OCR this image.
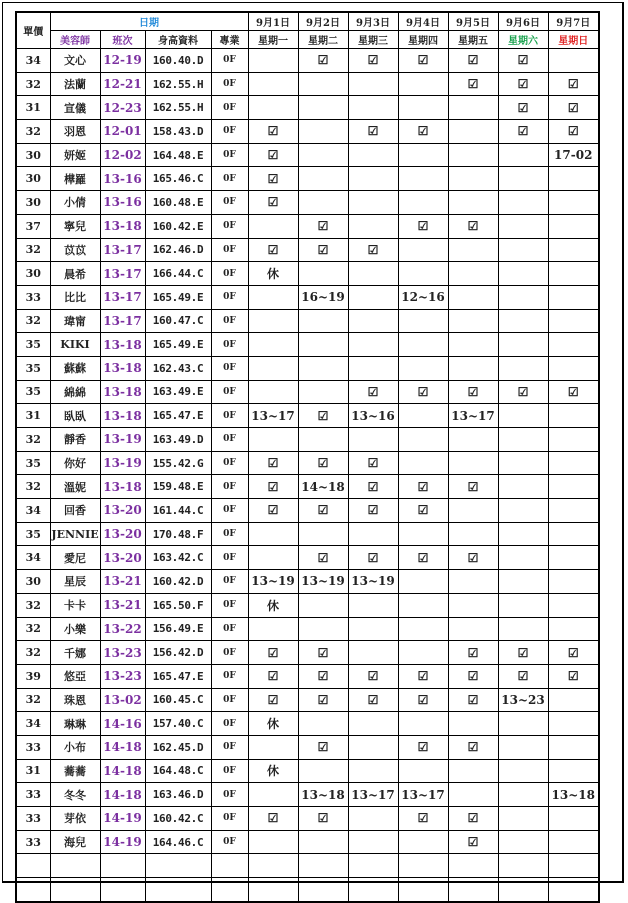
單價	日期				9月1日	9月2日	9月3日	9月4日	9月5日	9月6日	9月7日
	美容師	班次	身高資料	專業	星期一	星期二	星期三	星期四	星期五	星期六	星期日
34	文心	12-19	160.40.D	0F		☑	☑	☑	☑	☑	
32	法蘭	12-21	162.55.H	0F					☑	☑	☑
31	宣儀	12-23	162.55.H	0F						☑	☑
32	羽恩	12-01	158.43.D	0F	☑		☑	☑		☑	☑
30	妍姬	12-02	164.48.E	0F	☑						17-02
30	樺羅	13-16	165.46.C	0F	☑						
30	小倩	13-16	160.48.E	0F	☑						
37	寧兒	13-18	160.42.E	0F		☑		☑	☑		
32	苡苡	13-17	162.46.D	0F	☑	☑	☑				
30	晨希	13-17	166.44.C	0F	休						
33	比比	13-17	165.49.E	0F		16~19		12~16			
32	瑋甯	13-17	160.47.C	0F							
35	KIKI	13-18	165.49.E	0F							
35	蘇蘇	13-18	162.43.C	0F							
35	綿綿	13-18	163.49.E	0F			☑	☑	☑	☑	☑
31	臥臥	13-18	165.47.E	0F	13~17	☑	13~16		13~17		
32	靜香	13-19	163.49.D	0F							
35	你好	13-19	155.42.G	0F	☑	☑	☑				
32	溫妮	13-18	159.48.E	0F	☑	14~18	☑	☑	☑		
34	回香	13-20	161.44.C	0F	☑	☑	☑	☑			
35	JENNIE	13-20	170.48.F	0F							
34	愛尼	13-20	163.42.C	0F		☑	☑	☑	☑		
30	星辰	13-21	160.42.D	0F	13~19	13~19	13~19				
32	卡卡	13-21	165.50.F	0F	休						
32	小樂	13-22	156.49.E	0F							
32	千娜	13-23	156.42.D	0F	☑	☑			☑	☑	☑
39	悠亞	13-23	165.47.E	0F	☑	☑	☑	☑	☑	☑	☑
32	珠恩	13-02	160.45.C	0F	☑	☑	☑	☑	☑	13~23	
34	琳琳	14-16	157.40.C	0F	休						
33	小布	14-18	162.45.D	0F		☑		☑	☑		
31	蕎蕎	14-18	164.48.C	0F	休						
33	冬冬	14-18	163.46.D	0F		13~18	13~17	13~17			13~18
33	芽依	14-19	160.42.C	0F	☑	☑		☑	☑		
33	海兒	14-19	164.46.C	0F					☑		
